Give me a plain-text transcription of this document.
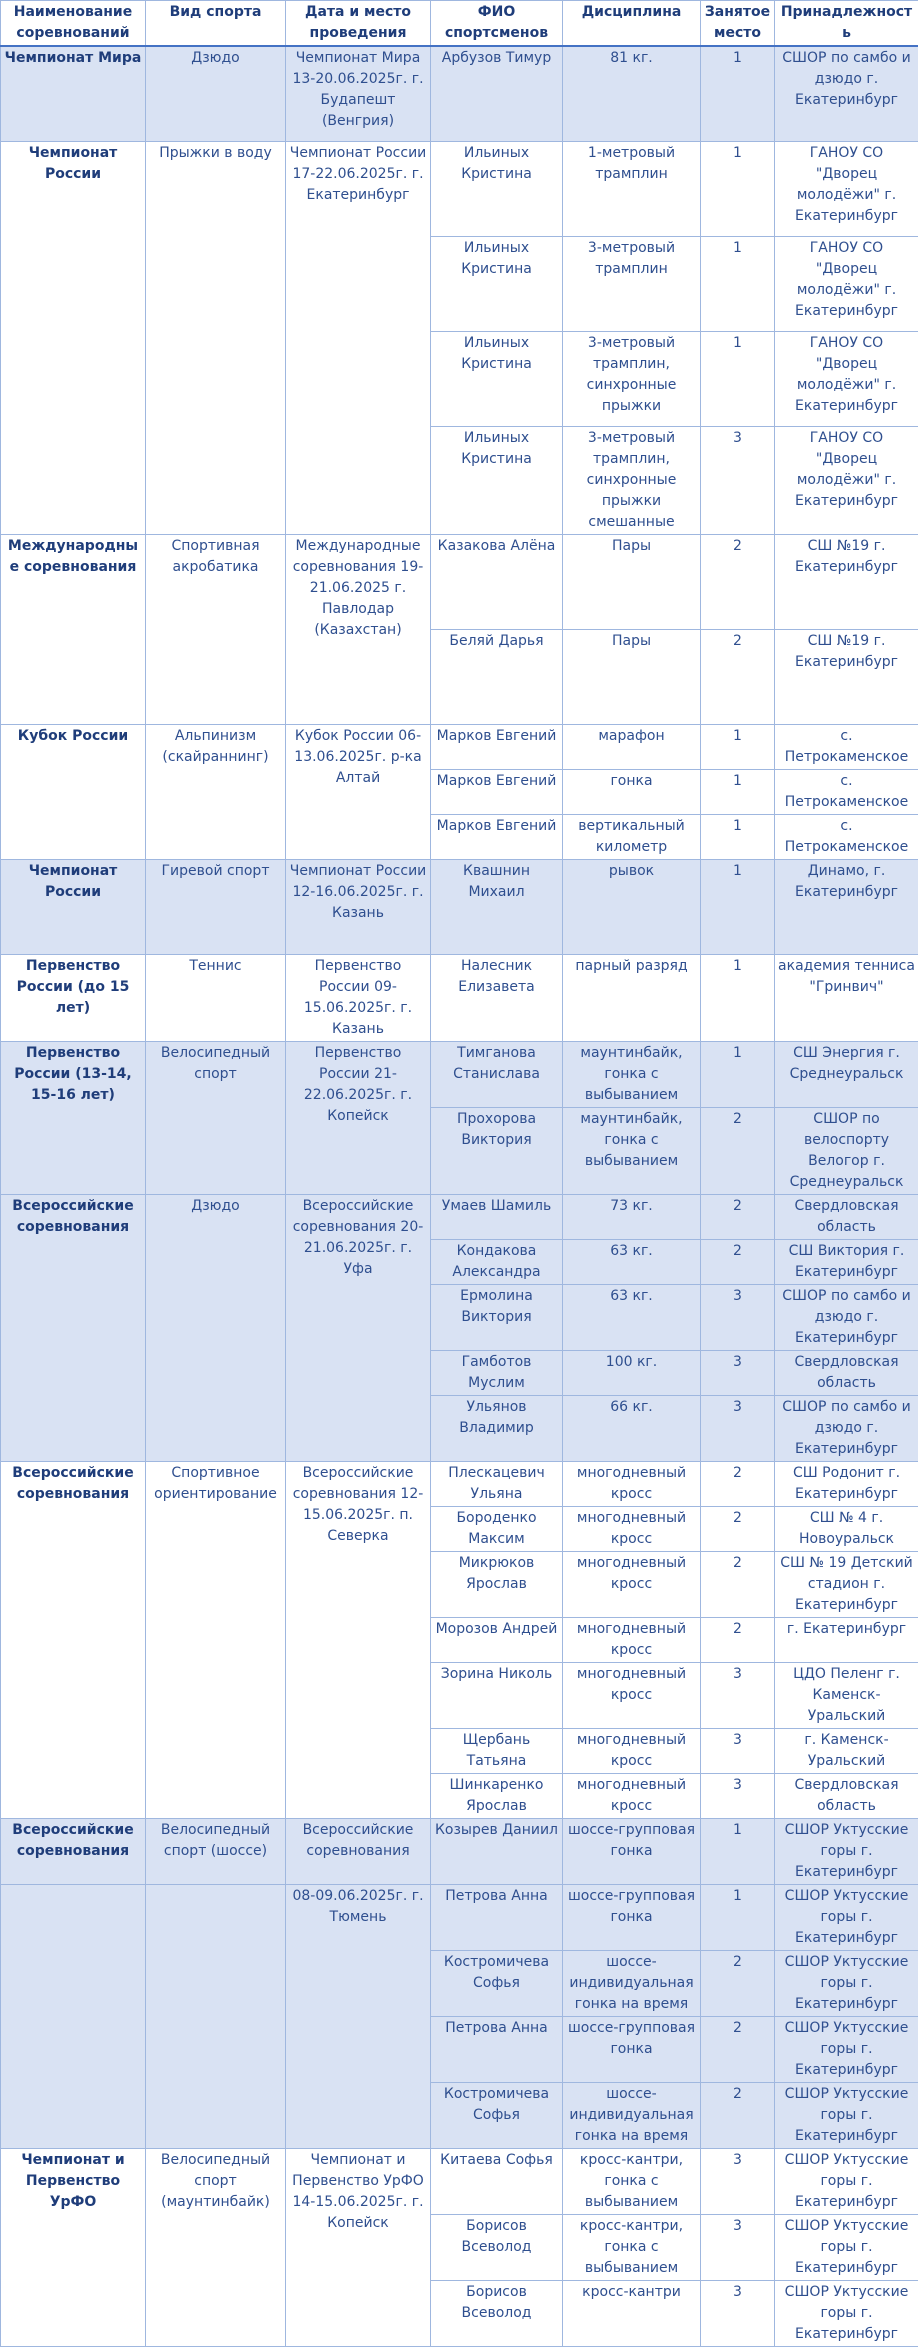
Наименование соревнований	Вид спорта	Дата и место проведения	ФИО спортсменов	Дисциплина	Занятое место	Принадлежность
Чемпионат Мира	Дзюдо	Чемпионат Мира 13-20.06.2025г. г. Будапешт (Венгрия)	Арбузов Тимур	81 кг.	1	СШОР по самбо и дзюдо г. Екатеринбург
Чемпионат России	Прыжки в воду	Чемпионат России 17-22.06.2025г. г. Екатеринбург	Ильиных Кристина	1-метровый трамплин	1	ГАНОУ СО "Дворец молодёжи" г. Екатеринбург
			Ильиных Кристина	3-метровый трамплин	1	ГАНОУ СО "Дворец молодёжи" г. Екатеринбург
			Ильиных Кристина	3-метровый трамплин, синхронные прыжки	1	ГАНОУ СО "Дворец молодёжи" г. Екатеринбург
			Ильиных Кристина	3-метровый трамплин, синхронные прыжки смешанные	3	ГАНОУ СО "Дворец молодёжи" г. Екатеринбург
Международные соревнования	Спортивная акробатика	Международные соревнования 19-21.06.2025 г. Павлодар (Казахстан)	Казакова Алёна	Пары	2	СШ №19 г. Екатеринбург
			Беляй Дарья	Пары	2	СШ №19 г. Екатеринбург
Кубок России	Альпинизм (скайраннинг)	Кубок России 06-13.06.2025г. р-ка Алтай	Марков Евгений	марафон	1	с. Петрокаменское
			Марков Евгений	гонка	1	с. Петрокаменское
			Марков Евгений	вертикальный километр	1	с. Петрокаменское
Чемпионат России	Гиревой спорт	Чемпионат России 12-16.06.2025г. г. Казань	Квашнин Михаил	рывок	1	Динамо, г. Екатеринбург
Первенство России (до 15 лет)	Теннис	Первенство России 09-15.06.2025г. г. Казань	Налесник Елизавета	парный разряд	1	академия тенниса "Гринвич"
Первенство России (13-14, 15-16 лет)	Велосипедный спорт	Первенство России 21-22.06.2025г. г. Копейск	Тимганова Станислава	маунтинбайк, гонка с выбыванием	1	СШ Энергия г. Среднеуральск
			Прохорова Виктория	маунтинбайк, гонка с выбыванием	2	СШОР по велоспорту Велогор г. Среднеуральск
Всероссийские соревнования	Дзюдо	Всероссийские соревнования 20-21.06.2025г. г. Уфа	Умаев Шамиль	73 кг.	2	Свердловская область
			Кондакова Александра	63 кг.	2	СШ Виктория г. Екатеринбург
			Ермолина Виктория	63 кг.	3	СШОР по самбо и дзюдо г. Екатеринбург
			Гамботов Муслим	100 кг.	3	Свердловская область
			Ульянов Владимир	66 кг.	3	СШОР по самбо и дзюдо г. Екатеринбург
Всероссийские соревнования	Спортивное ориентирование	Всероссийские соревнования 12-15.06.2025г. п. Северка	Плескацевич Ульяна	многодневный кросс	2	СШ Родонит г. Екатеринбург
			Бороденко Максим	многодневный кросс	2	СШ № 4 г. Новоуральск
			Микрюков Ярослав	многодневный кросс	2	СШ № 19 Детский стадион г. Екатеринбург
			Морозов Андрей	многодневный кросс	2	г. Екатеринбург
			Зорина Николь	многодневный кросс	3	ЦДО Пеленг г. Каменск-Уральский
			Щербань Татьяна	многодневный кросс	3	г. Каменск-Уральский
			Шинкаренко Ярослав	многодневный кросс	3	Свердловская область
Всероссийские соревнования	Велосипедный спорт (шоссе)	Всероссийские соревнования	Козырев Даниил	шоссе-групповая гонка	1	СШОР Уктусские горы г. Екатеринбург
		08-09.06.2025г. г. Тюмень	Петрова Анна	шоссе-групповая гонка	1	СШОР Уктусские горы г. Екатеринбург
			Костромичева Софья	шоссе-индивидуальная гонка на время	2	СШОР Уктусские горы г. Екатеринбург
			Петрова Анна	шоссе-групповая гонка	2	СШОР Уктусские горы г. Екатеринбург
			Костромичева Софья	шоссе-индивидуальная гонка на время	2	СШОР Уктусские горы г. Екатеринбург
Чемпионат и Первенство УрФО	Велосипедный спорт (маунтинбайк)	Чемпионат и Первенство УрФО 14-15.06.2025г. г. Копейск	Китаева Софья	кросс-кантри, гонка с выбыванием	3	СШОР Уктусские горы г. Екатеринбург
			Борисов Всеволод	кросс-кантри, гонка с выбыванием	3	СШОР Уктусские горы г. Екатеринбург
			Борисов Всеволод	кросс-кантри	3	СШОР Уктусские горы г. Екатеринбург
